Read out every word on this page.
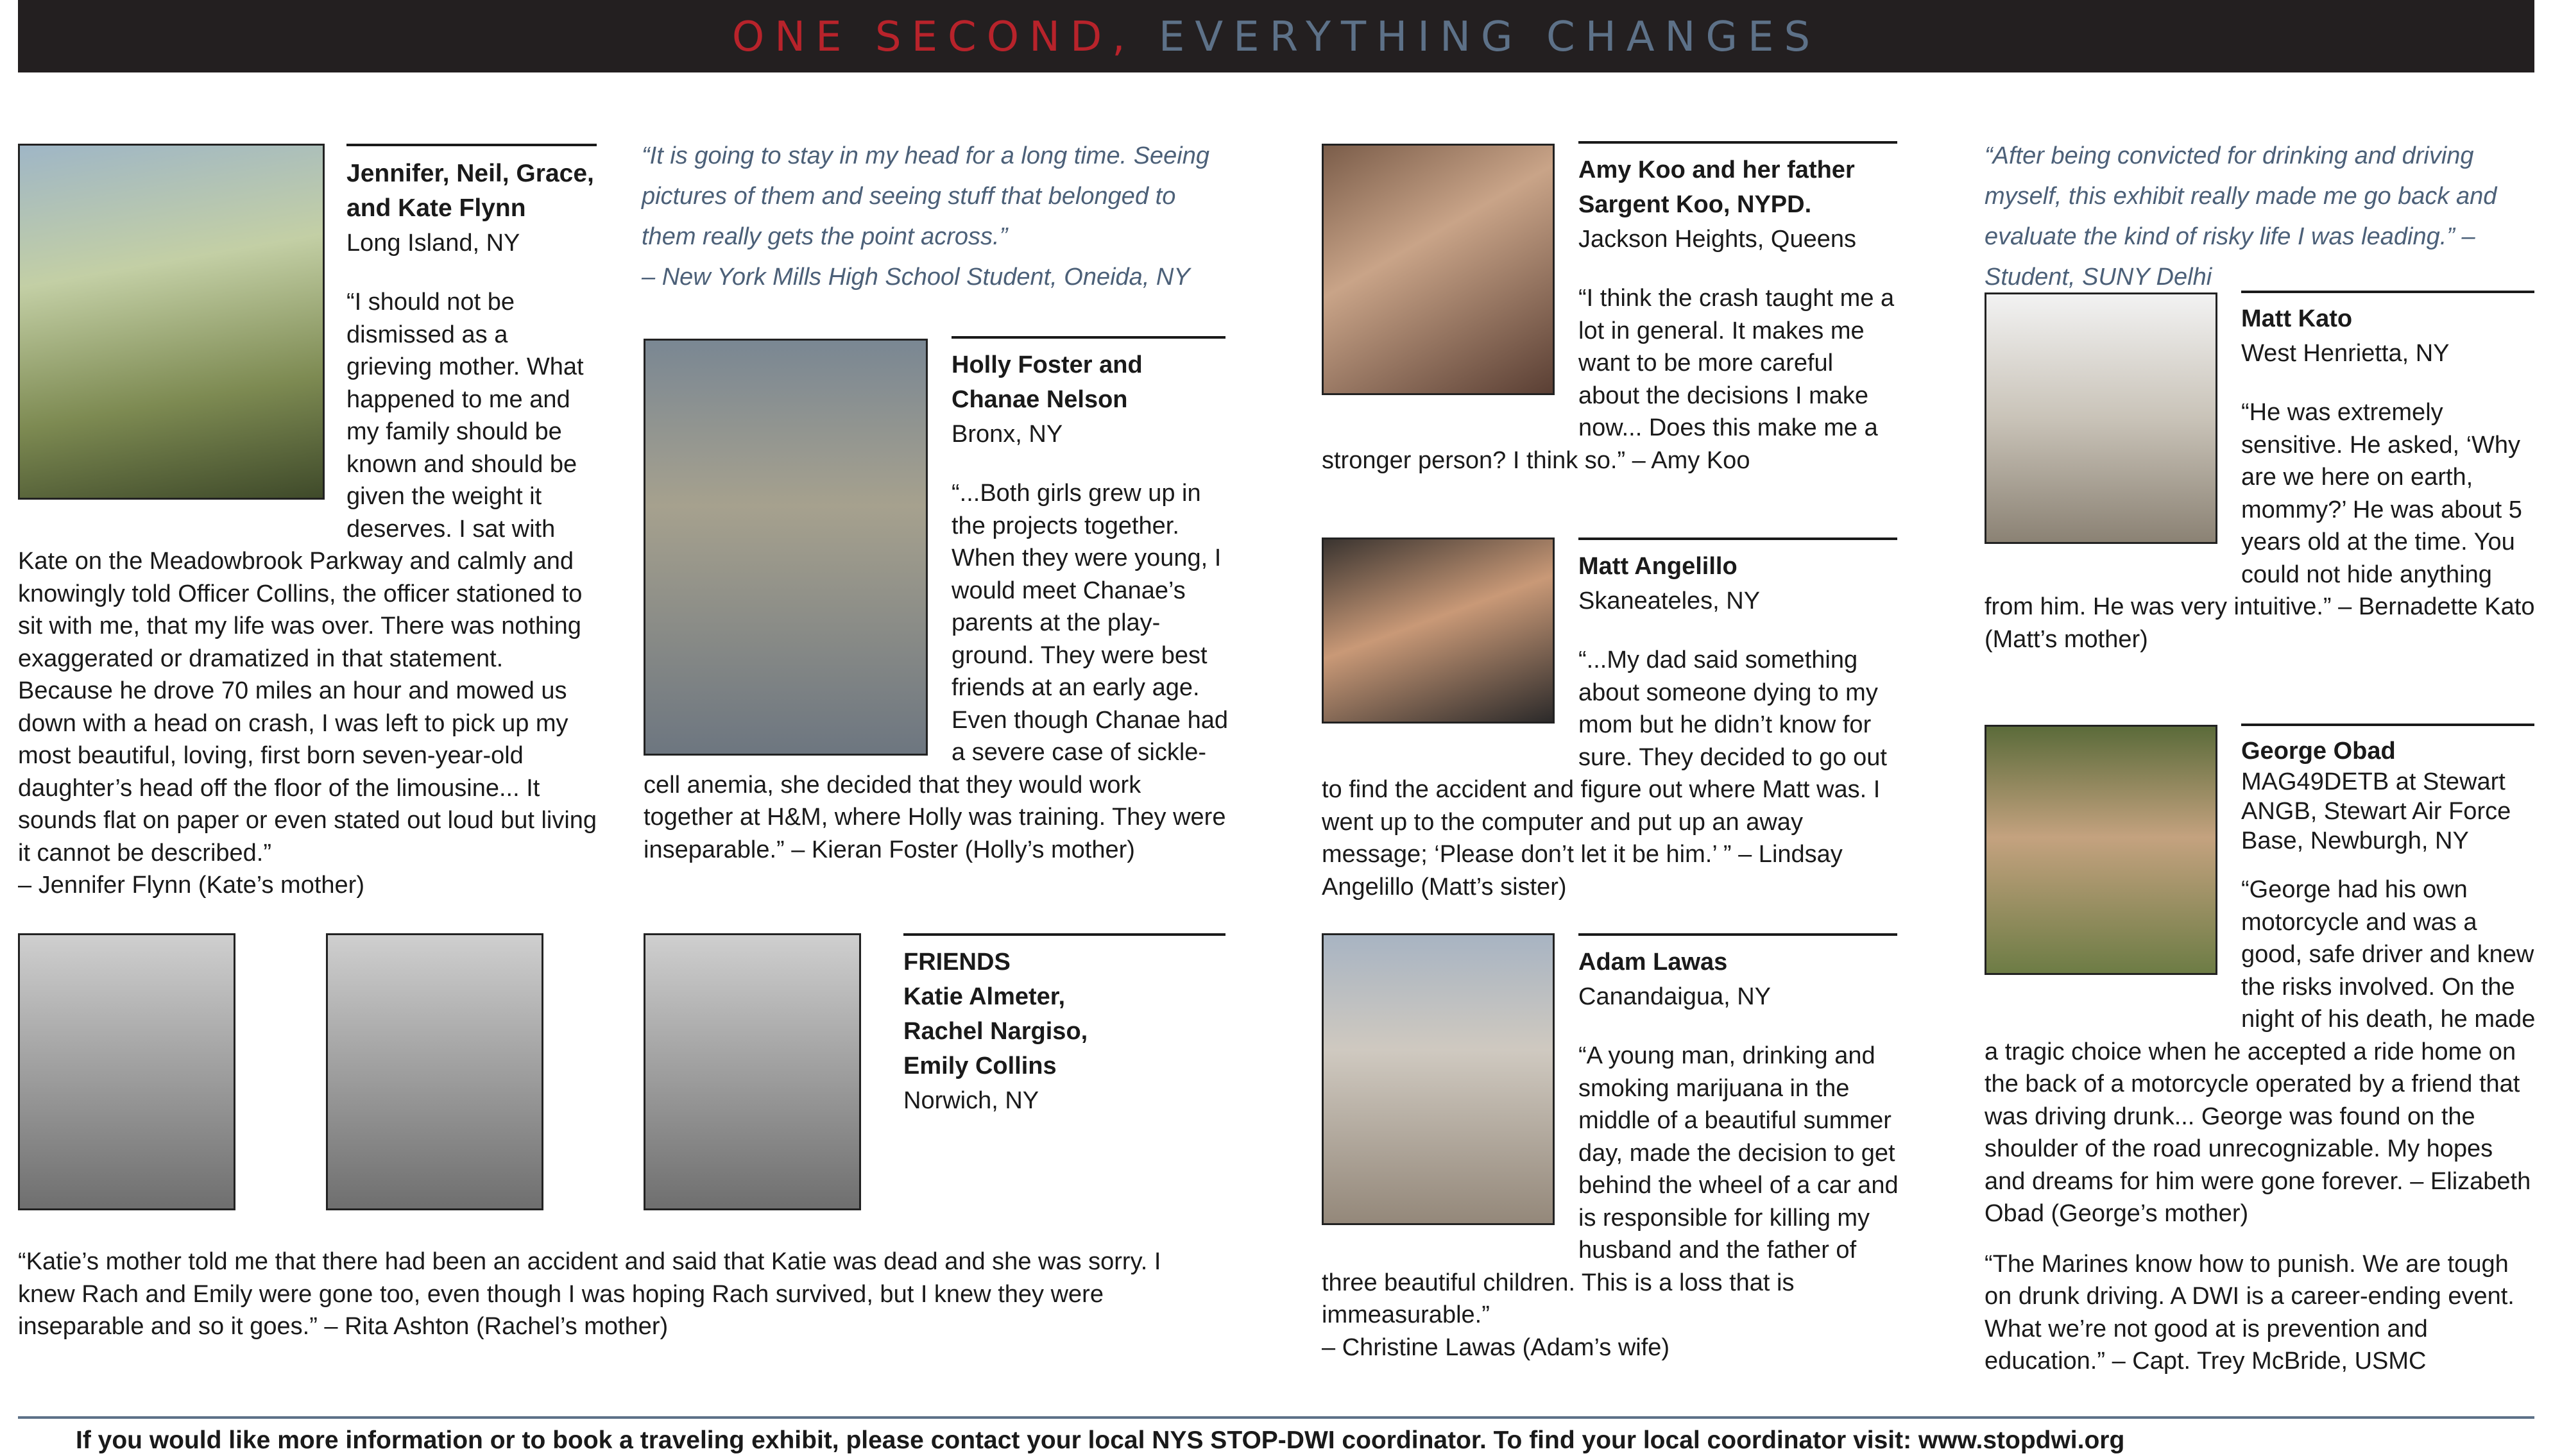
ONE SECOND, EVERYTHING CHANGES
Jennifer, Neil, Grace, and Kate Flynn
Long Island, NY
“I should not be dismissed as a grieving mother. What happened to me and my family should be known and should be given the weight it deserves. I sat with Kate on the Meadowbrook Parkway and calmly and knowingly told Officer Collins, the officer stationed to sit with me, that my life was over. There was nothing exaggerated or dramatized in that statement. Because he drove 70 miles an hour and mowed us down with a head on crash, I was left to pick up my most beautiful, loving, first born seven-year-old daughter’s head off the floor of the limousine... It sounds flat on paper or even stated out loud but living it cannot be described.”
– Jennifer Flynn (Kate’s mother)
“It is going to stay in my head for a long time. Seeing pictures of them and seeing stuff that belonged to them really gets the point across.”
– New York Mills High School Student, Oneida, NY
Holly Foster and Chanae Nelson
Bronx, NY
“...Both girls grew up in the projects together. When they were young, I would meet Chanae’s parents at the play-ground. They were best friends at an early age. Even though Chanae had a severe case of sickle-cell anemia, she decided that they would work together at H&M, where Holly was training. They were inseparable.” – Kieran Foster (Holly’s mother)
Amy Koo and her father Sargent Koo, NYPD.
Jackson Heights, Queens
“I think the crash taught me a lot in general. It makes me want to be more careful about the decisions I make now... Does this make me a stronger person? I think so.” – Amy Koo
Matt Angelillo
Skaneateles, NY
“...My dad said something about someone dying to my mom but he didn’t know for sure. They decided to go out to find the accident and figure out where Matt was. I went up to the computer and put up an away message; ‘Please don’t let it be him.’ ” – Lindsay Angelillo (Matt’s sister)
Adam Lawas
Canandaigua, NY
“A young man, drinking and smoking marijuana in the middle of a beautiful summer day, made the decision to get behind the wheel of a car and is responsible for killing my husband and the father of three beautiful children. This is a loss that is immeasurable.”
– Christine Lawas (Adam’s wife)
“After being convicted for drinking and driving myself, this exhibit really made me go back and evaluate the kind of risky life I was leading.” – Student, SUNY Delhi
Matt Kato
West Henrietta, NY
“He was extremely sensitive. He asked, ‘Why are we here on earth, mommy?’ He was about 5 years old at the time. You could not hide anything from him. He was very intuitive.” – Bernadette Kato (Matt’s mother)
George Obad
MAG49DETB at Stewart ANGB, Stewart Air Force Base, Newburgh, NY
“George had his own motorcycle and was a good, safe driver and knew the risks involved. On the night of his death, he made a tragic choice when he accepted a ride home on the back of a motorcycle operated by a friend that was driving drunk... George was found on the shoulder of the road unrecognizable. My hopes and dreams for him were gone forever. – Elizabeth Obad (George’s mother)
“The Marines know how to punish. We are tough on drunk driving. A DWI is a career-ending event. What we’re not good at is prevention and education.” – Capt. Trey McBride, USMC
FRIENDS
Katie Almeter,
Rachel Nargiso,
Emily Collins
Norwich, NY
“Katie’s mother told me that there had been an accident and said that Katie was dead and she was sorry. I knew Rach and Emily were gone too, even though I was hoping Rach survived, but I knew they were inseparable and so it goes.” – Rita Ashton (Rachel’s mother)
If you would like more information or to book a traveling exhibit, please contact your local NYS STOP-DWI coordinator. To find your local coordinator visit: www.stopdwi.org
